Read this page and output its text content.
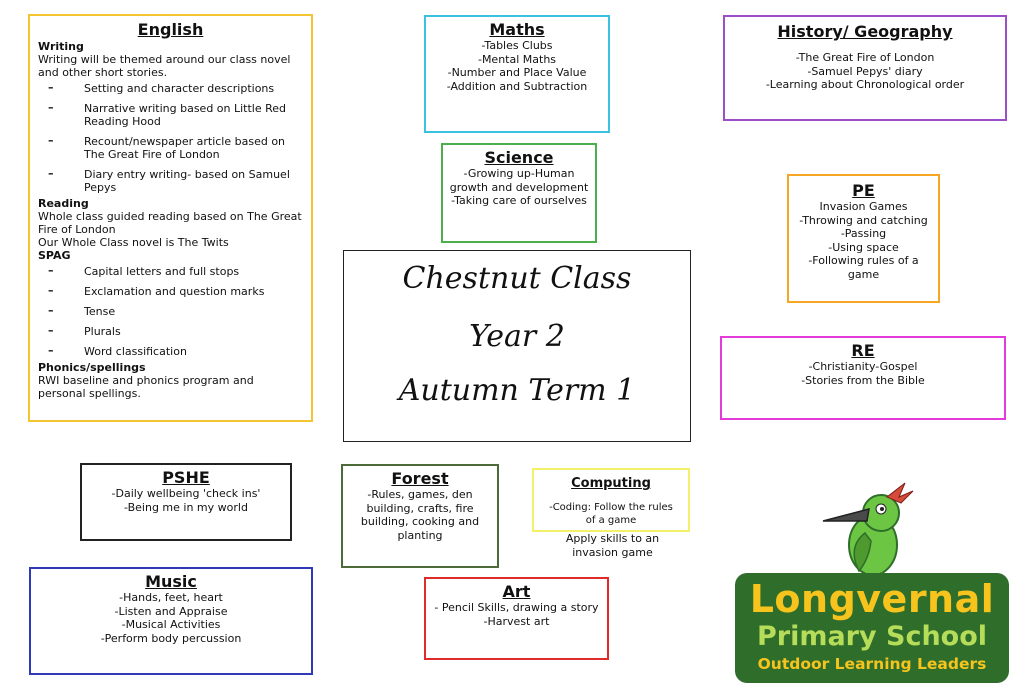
English
Writing
Writing will be themed around our class novel and other short stories.
– Setting and character descriptions
– Narrative writing based on Little Red Reading Hood
– Recount/newspaper article based on The Great Fire of London
– Diary entry writing- based on Samuel Pepys
Reading
Whole class guided reading based on The Great Fire of London
Our Whole Class novel is The Twits
SPAG
– Capital letters and full stops
– Exclamation and question marks
– Tense
– Plurals
– Word classification
Phonics/spellings
RWI baseline and phonics program and personal spellings.
Maths
-Tables Clubs
-Mental Maths
-Number and Place Value
-Addition and Subtraction
History/ Geography
-The Great Fire of London
-Samuel Pepys' diary
-Learning about Chronological order
Science
-Growing up-Human
growth and development
-Taking care of ourselves
PE
Invasion Games
-Throwing and catching
-Passing
-Using space
-Following rules of a
game
Chestnut Class
Year 2
Autumn Term 1
RE
-Christianity-Gospel
-Stories from the Bible
PSHE
-Daily wellbeing 'check ins'
-Being me in my world
Forest
-Rules, games, den
building, crafts, fire
building, cooking and
planting
Computing
-Coding: Follow the rules
of a game
Apply skills to an
invasion game
Music
-Hands, feet, heart
-Listen and Appraise
-Musical Activities
-Perform body percussion
Art
- Pencil Skills, drawing a story
-Harvest art	Longvernal
Primary School
Outdoor Learning Leaders
